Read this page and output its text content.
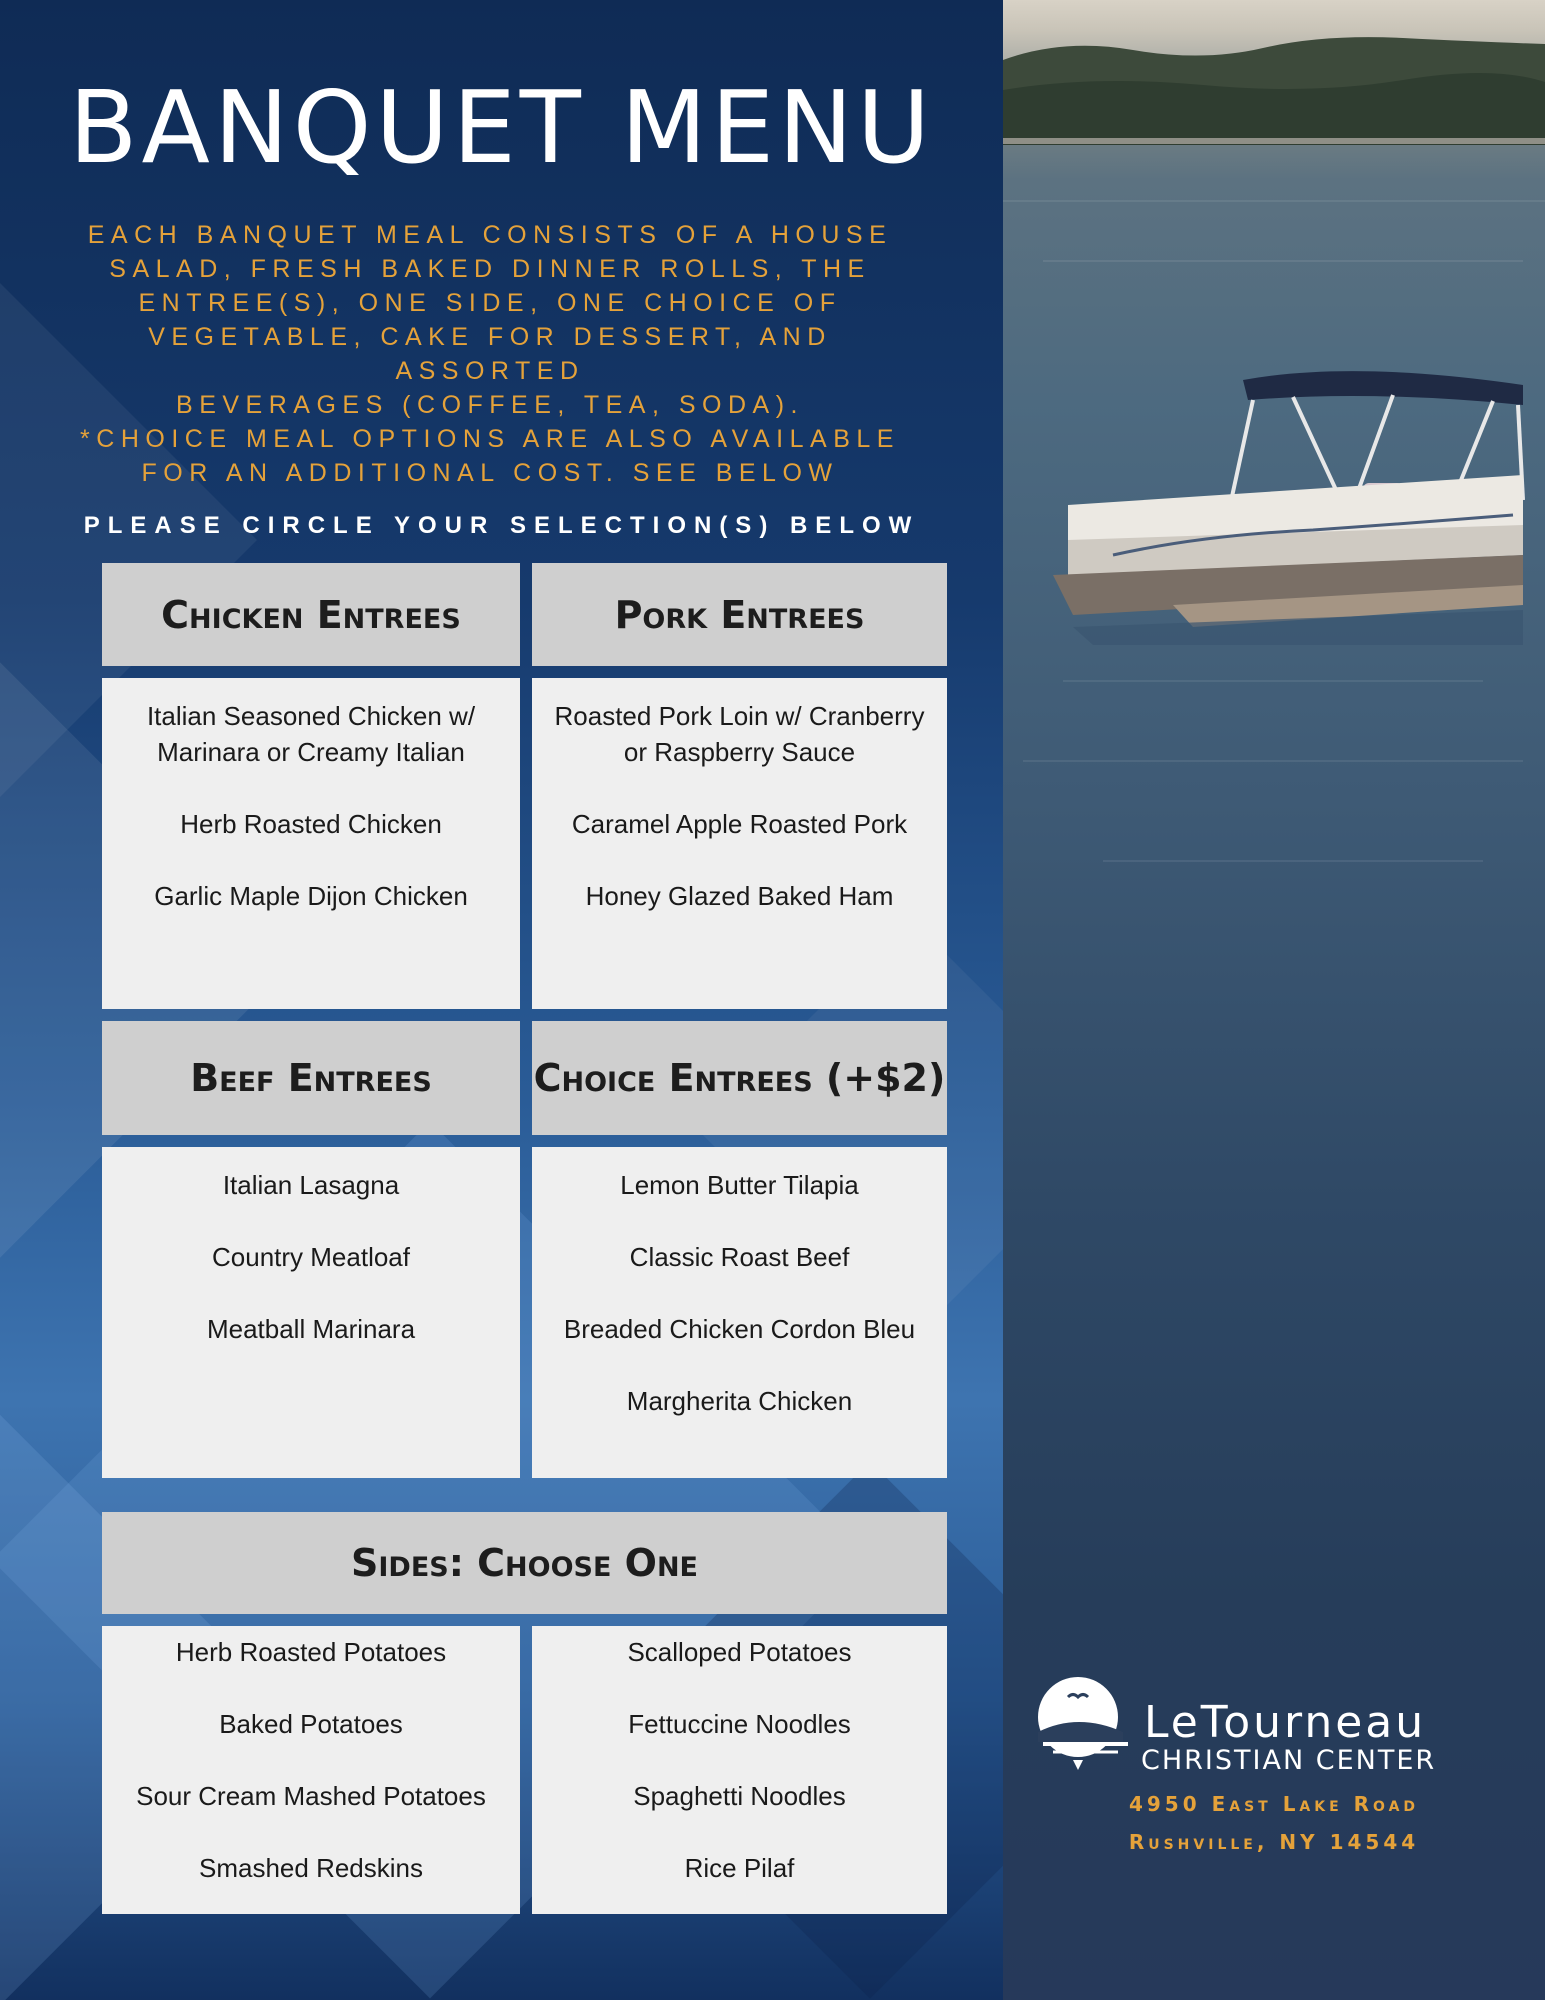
BANQUET MENU
EACH BANQUET MEAL CONSISTS OF A HOUSE
SALAD, FRESH BAKED DINNER ROLLS, THE
ENTREE(S), ONE SIDE, ONE CHOICE OF
VEGETABLE, CAKE FOR DESSERT, AND ASSORTED
BEVERAGES (COFFEE, TEA, SODA).
*CHOICE MEAL OPTIONS ARE ALSO AVAILABLE
FOR AN ADDITIONAL COST. SEE BELOW
PLEASE CIRCLE YOUR SELECTION(S) BELOW
Chicken Entrees
Italian Seasoned Chicken w/ Marinara or Creamy Italian
Herb Roasted Chicken
Garlic Maple Dijon Chicken
Pork Entrees
Roasted Pork Loin w/ Cranberry or Raspberry Sauce
Caramel Apple Roasted Pork
Honey Glazed Baked Ham
Beef Entrees
Italian Lasagna
Country Meatloaf
Meatball Marinara
Choice Entrees (+$2)
Lemon Butter Tilapia
Classic Roast Beef
Breaded Chicken Cordon Bleu
Margherita Chicken
Sides: Choose One
Herb Roasted Potatoes
Baked Potatoes
Sour Cream Mashed Potatoes
Smashed Redskins
Scalloped Potatoes
Fettuccine Noodles
Spaghetti Noodles
Rice Pilaf
LeTourneau
CHRISTIAN CENTER
4950 East Lake Road
Rushville, NY 14544
